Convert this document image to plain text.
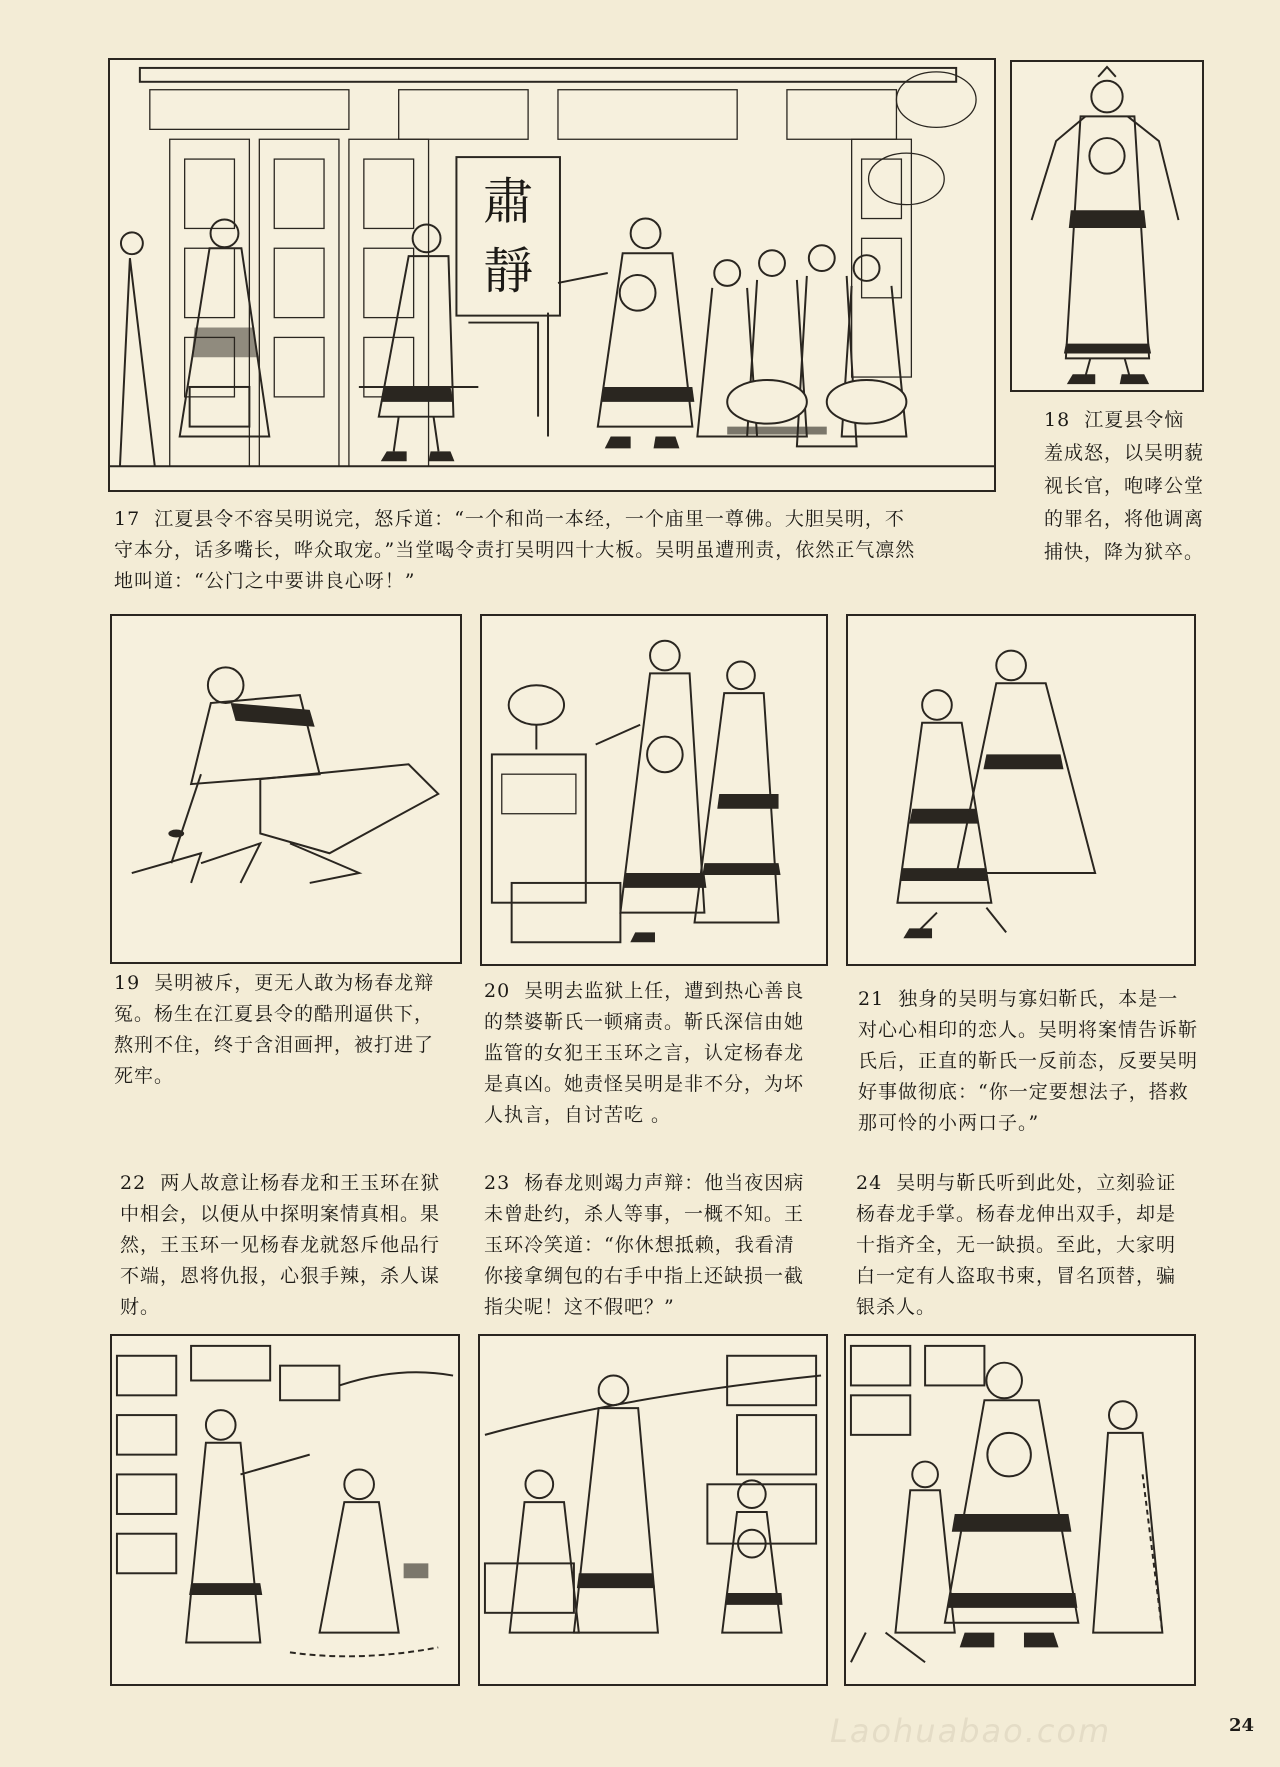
肅
靜
17 江夏县令不容吴明说完，怒斥道：“一个和尚一本经，一个庙里一尊佛。大胆吴明，不守本分，话多嘴长，哗众取宠。”当堂喝令责打吴明四十大板。吴明虽遭刑责，依然正气凛然地叫道：“公门之中要讲良心呀！”
18 江夏县令恼羞成怒，以吴明藐视长官，咆哮公堂的罪名，将他调离捕快，降为狱卒。
19 吴明被斥，更无人敢为杨春龙辩冤。杨生在江夏县令的酷刑逼供下，熬刑不住，终于含泪画押，被打进了死牢。
20 吴明去监狱上任，遭到热心善良的禁婆靳氏一顿痛责。靳氏深信由她监管的女犯王玉环之言，认定杨春龙是真凶。她责怪吴明是非不分，为坏人执言，自讨苦吃 。
21 独身的吴明与寡妇靳氏，本是一对心心相印的恋人。吴明将案情告诉靳氏后，正直的靳氏一反前态，反要吴明好事做彻底：“你一定要想法子，搭救那可怜的小两口子。”
22 两人故意让杨春龙和王玉环在狱中相会，以便从中探明案情真相。果然，王玉环一见杨春龙就怒斥他品行不端，恩将仇报，心狠手辣，杀人谋财。
23 杨春龙则竭力声辩：他当夜因病未曾赴约，杀人等事，一概不知。王玉环冷笑道：“你休想抵赖，我看清你接拿绸包的右手中指上还缺损一截指尖呢！这不假吧？”
24 吴明与靳氏听到此处，立刻验证杨春龙手掌。杨春龙伸出双手，却是十指齐全，无一缺损。至此，大家明白一定有人盗取书柬，冒名顶替，骗银杀人。
Laohuabao.com	24
